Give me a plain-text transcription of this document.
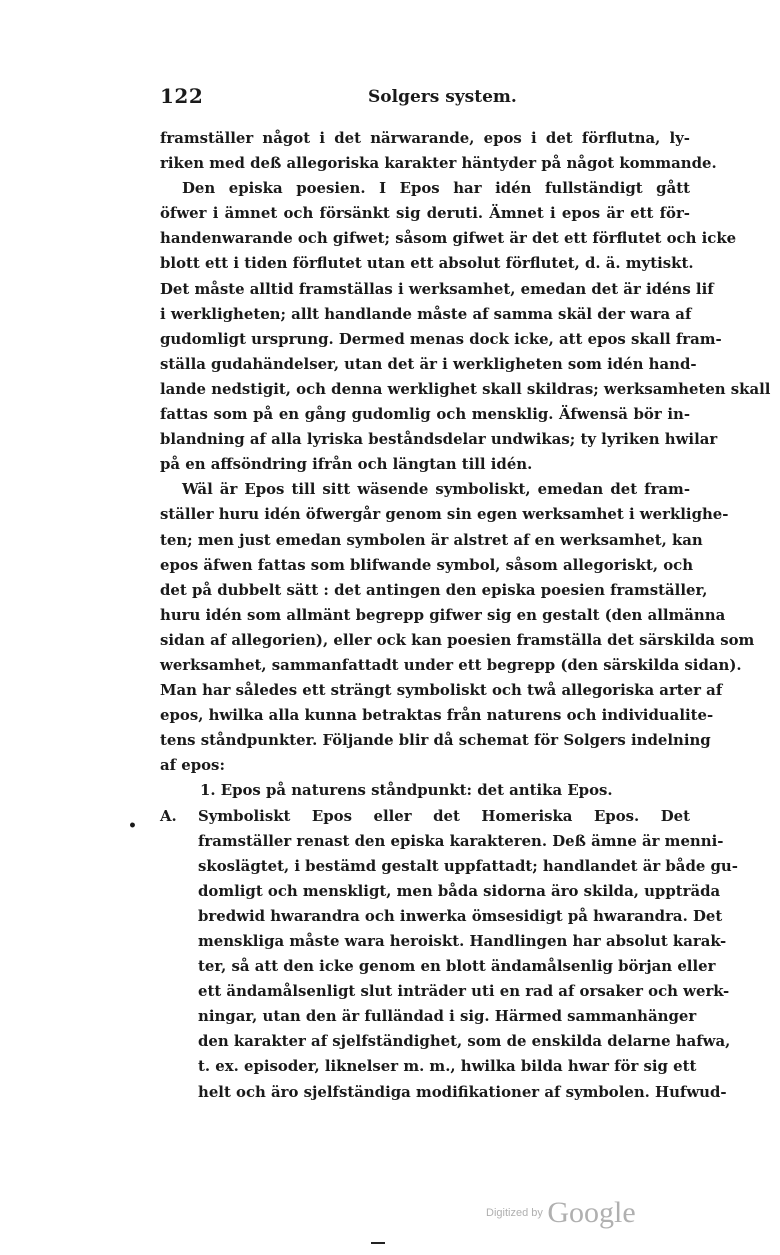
122	Solgers system.
framställer något i det närwarande, epos i det förflutna, ly-
riken med deß allegoriska karakter häntyder på något kommande.
Den episka poesien. I Epos har idén fullständigt gått
öfwer i ämnet och försänkt sig deruti. Ämnet i epos är ett för-
handenwarande och gifwet; såsom gifwet är det ett förflutet och icke
blott ett i tiden förflutet utan ett absolut förflutet, d. ä. mytiskt.
Det måste alltid framställas i werksamhet, emedan det är idéns lif
i werkligheten; allt handlande måste af samma skäl der wara af
gudomligt ursprung. Dermed menas dock icke, att epos skall fram-
ställa gudahändelser, utan det är i werkligheten som idén hand-
lande nedstigit, och denna werklighet skall skildras; werksamheten skall
fattas som på en gång gudomlig och mensklig. Äfwensä bör in-
blandning af alla lyriska beståndsdelar undwikas; ty lyriken hwilar
på en affsöndring ifrån och längtan till idén.
Wäl är Epos till sitt wäsende symboliskt, emedan det fram-
ställer huru idén öfwergår genom sin egen werksamhet i werklighe-
ten; men just emedan symbolen är alstret af en werksamhet, kan
epos äfwen fattas som blifwande symbol, såsom allegoriskt, och
det på dubbelt sätt : det antingen den episka poesien framställer,
huru idén som allmänt begrepp gifwer sig en gestalt (den allmänna
sidan af allegorien), eller ock kan poesien framställa det särskilda som
werksamhet, sammanfattadt under ett begrepp (den särskilda sidan).
Man har således ett strängt symboliskt och twå allegoriska arter af
epos, hwilka alla kunna betraktas från naturens och individualite-
tens ståndpunkter. Följande blir då schemat för Solgers indelning
af epos:
1. Epos på naturens ståndpunkt: det antika Epos.
A. Symboliskt Epos eller det Homeriska Epos. Det
framställer renast den episka karakteren. Deß ämne är menni-
skoslägtet, i bestämd gestalt uppfattadt; handlandet är både gu-
domligt och menskligt, men båda sidorna äro skilda, uppträda
bredwid hwarandra och inwerka ömsesidigt på hwarandra. Det
menskliga måste wara heroiskt. Handlingen har absolut karak-
ter, så att den icke genom en blott ändamålsenlig början eller
ett ändamålsenligt slut inträder uti en rad af orsaker och werk-
ningar, utan den är fulländad i sig. Härmed sammanhänger
den karakter af sjelfständighet, som de enskilda delarne hafwa,
t. ex. episoder, liknelser m. m., hwilka bilda hwar för sig ett
helt och äro sjelfständiga modifikationer af symbolen. Hufwud-
•
Digitized by Google
